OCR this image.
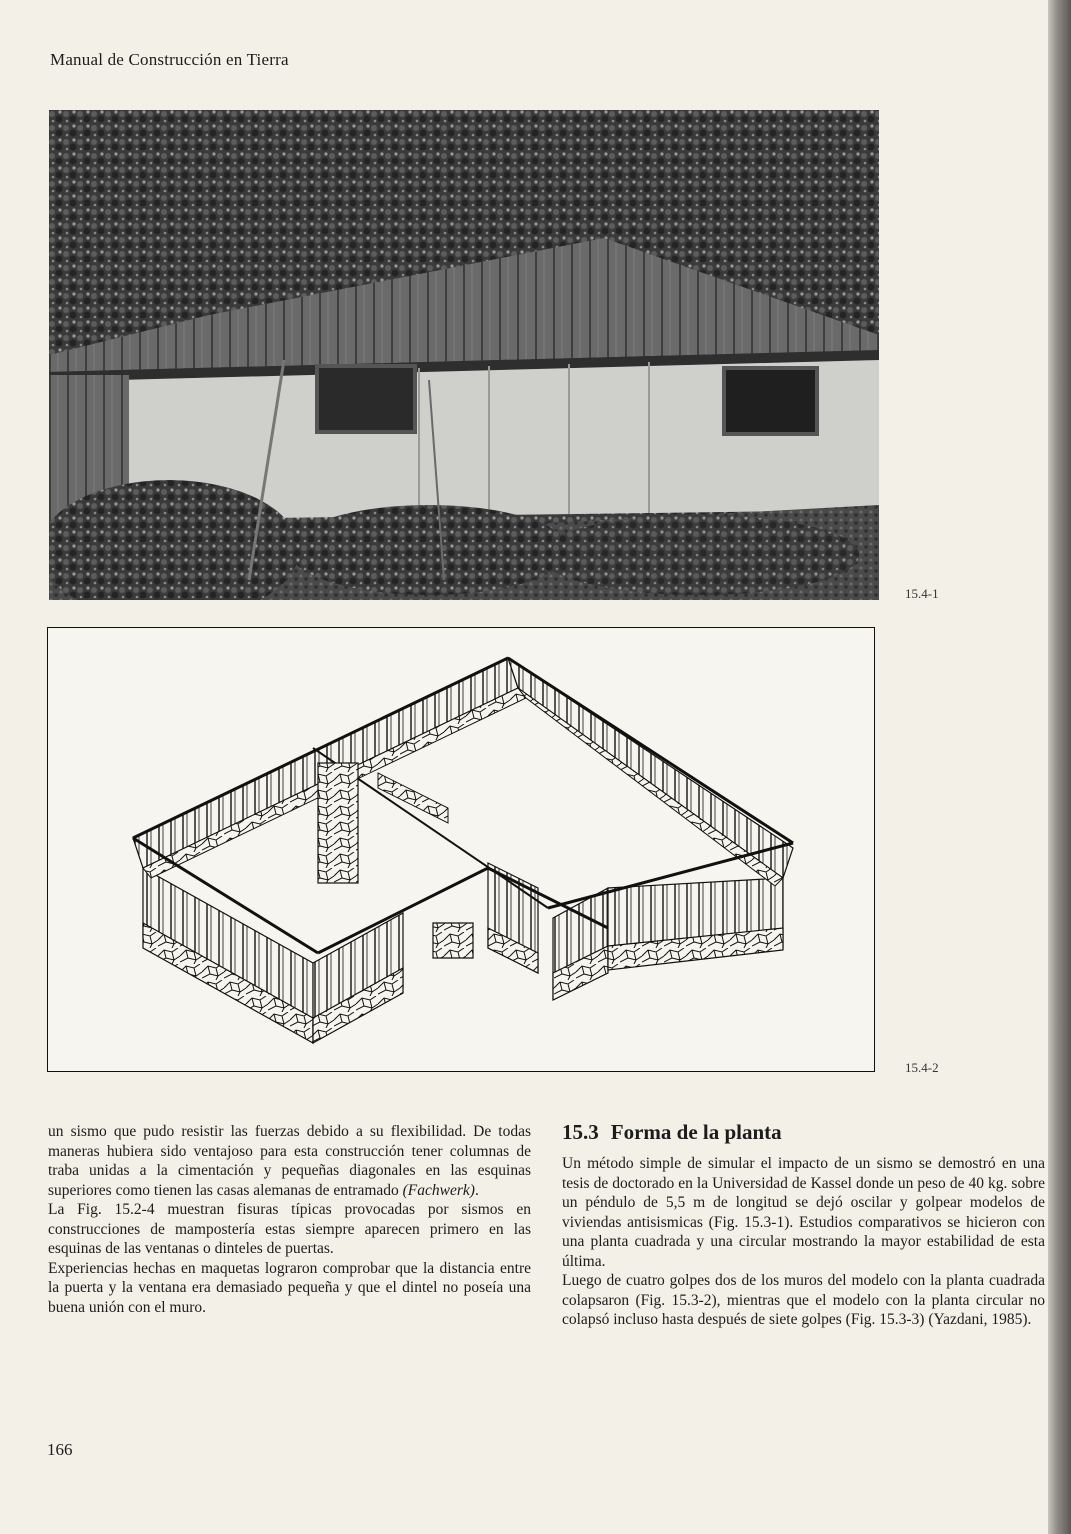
Manual de Construcción en Tierra

15.4-1
15.4-2

un sismo que pudo resistir las fuerzas debido a su flexibilidad. De todas maneras hubiera sido ventajoso para esta construcción tener columnas de traba unidas a la cimentación y pequeñas diagonales en las esquinas superiores como tienen las casas alemanas de entramado (Fachwerk).

La Fig. 15.2-4 muestran fisuras típicas provocadas por sismos en construcciones de mampostería estas siempre aparecen primero en las esquinas de las ventanas o dinteles de puertas.

Experiencias hechas en maquetas lograron comprobar que la distancia entre la puerta y la ventana era demasiado pequeña y que el dintel no poseía una buena unión con el muro.

15.3 Forma de la planta

Un método simple de simular el impacto de un sismo se demostró en una tesis de doctorado en la Universidad de Kassel donde un peso de 40 kg. sobre un péndulo de 5,5 m de longitud se dejó oscilar y golpear modelos de viviendas antisismicas (Fig. 15.3-1). Estudios comparativos se hicieron con una planta cuadrada y una circular mostrando la mayor estabilidad de esta última.

Luego de cuatro golpes dos de los muros del modelo con la planta cuadrada colapsaron (Fig. 15.3-2), mientras que el modelo con la planta circular no colapsó incluso hasta después de siete golpes (Fig. 15.3-3) (Yazdani, 1985).

166
